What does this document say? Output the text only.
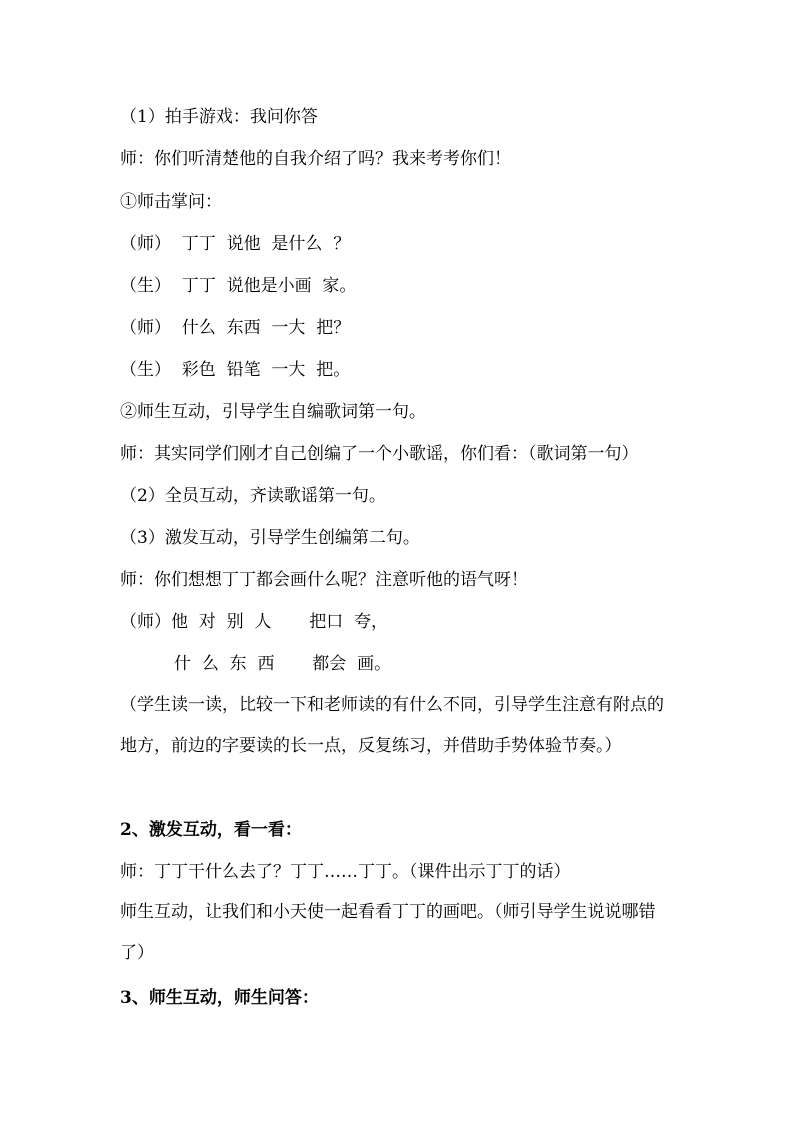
（1）拍手游戏：我问你答

师：你们听清楚他的自我介绍了吗？我来考考你们！

①师击掌问：

（师）  丁丁  说他  是什么  ？

（生）  丁丁  说他是小画  家。

（师）  什么  东西  一大  把？

（生）  彩色  铅笔  一大  把。

②师生互动，引导学生自编歌词第一句。

师：其实同学们刚才自己创编了一个小歌谣，你们看：（歌词第一句）

（2）全员互动，齐读歌谣第一句。

（3）激发互动，引导学生创编第二句。

师：你们想想丁丁都会画什么呢？注意听他的语气呀！

（师）他  对  别  人       把口  夸，

什  么  东  西       都会  画。

（学生读一读，比较一下和老师读的有什么不同，引导学生注意有附点的地方，前边的字要读的长一点，反复练习，并借助手势体验节奏。）

2、激发互动，看一看：

师：丁丁干什么去了？丁丁……丁丁。（课件出示丁丁的话）

师生互动，让我们和小天使一起看看丁丁的画吧。（师引导学生说说哪错了）

3、师生互动，师生问答：
